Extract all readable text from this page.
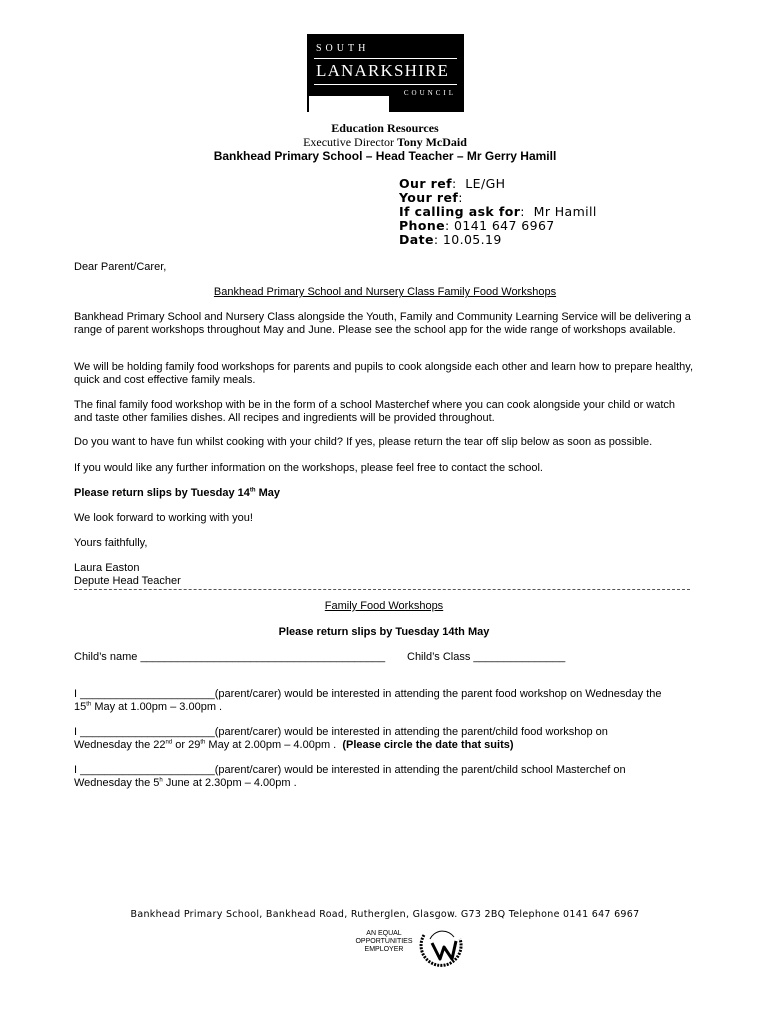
SOUTH
LANARKSHIRE
COUNCIL
Education Resources
Executive Director Tony McDaid
Bankhead Primary School – Head Teacher – Mr Gerry Hamill
Our ref:  LE/GH
Your ref:
If calling ask for:  Mr Hamill
Phone: 0141 647 6967
Date: 10.05.19
Dear Parent/Carer,
Bankhead Primary School and Nursery Class Family Food Workshops
Bankhead Primary School and Nursery Class alongside the Youth, Family and Community Learning Service will be delivering a range of parent workshops throughout May and June. Please see the school app for the wide range of workshops available.
We will be holding family food workshops for parents and pupils to cook alongside each other and learn how to prepare healthy, quick and cost effective family meals.
The final family food workshop with be in the form of a school Masterchef where you can cook alongside your child or watch and taste other families dishes. All recipes and ingredients will be provided throughout.
Do you want to have fun whilst cooking with your child? If yes, please return the tear off slip below as soon as possible.
If you would like any further information on the workshops, please feel free to contact the school.
Please return slips by Tuesday 14th May
We look forward to working with you!
Yours faithfully,
Laura Easton
Depute Head Teacher
Family Food Workshops
Please return slips by Tuesday 14th May
Child’s name ________________________________________ Child’s Class _______________
I ______________________(parent/carer) would be interested in attending the parent food workshop on Wednesday the
15th May at 1.00pm – 3.00pm .
I ______________________(parent/carer) would be interested in attending the parent/child food workshop on
Wednesday the 22nd or 29th May at 2.00pm – 4.00pm .  (Please circle the date that suits)
I ______________________(parent/carer) would be interested in attending the parent/child school Masterchef on
Wednesday the 5$^h$ June at 2.30pm – 4.00pm .
Bankhead Primary School, Bankhead Road, Rutherglen, Glasgow. G73 2BQ Telephone 0141 647 6967
AN EQUAL
OPPORTUNITIES
EMPLOYER
